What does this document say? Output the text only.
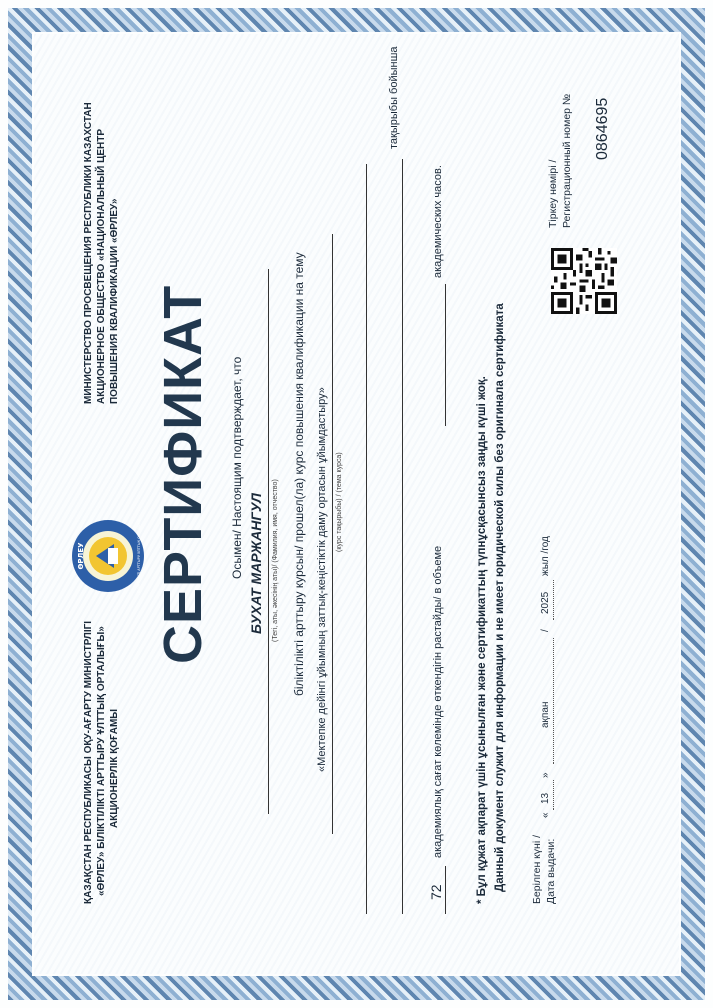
ҚАЗАҚСТАН РЕСПУБЛИКАСЫ ОҚУ-АҒАРТУ МИНИСТРЛІГІ «ӨРЛЕУ» БІЛІКТІЛІКТІ АРТТЫРУ ҰЛТТЫҚ ОРТАЛЫҒЫ» АКЦИОНЕРЛІК ҚОҒАМЫ
ӨРЛЕУ	БІЛІКТІЛІКТІ АРТТЫРУ ҰЛТТЫҚ ОРТАЛЫҒЫ
МИНИСТЕРСТВО ПРОСВЕЩЕНИЯ РЕСПУБЛИКИ КАЗАХСТАН АКЦИОНЕРНОЕ ОБЩЕСТВО «НАЦИОНАЛЬНЫЙ ЦЕНТР ПОВЫШЕНИЯ КВАЛИФИКАЦИИ «ӨРЛЕУ» СЕРТИФИКАТ Осымен/ Настоящим подтверждает, что БУХАТ МАРЖАНГУЛ (Тегі, аты, әкесінің аты)/ (Фамилия, имя, отчество) біліктілікті арттыру курсын/ прошел(ла) курс повышения квалификации на тему «Мектепке дейінгі ұйымның заттық-кеңістіктік даму ортасын ұйымдастыру» (курс тақырыбы) / (тема курса)
тақырыбы бойынша
72
академиялық сағат көлемінде өткендігін растайды/ в объеме
академических часов.
* Бұл құжат ақпарат үшін ұсынылған және сертификаттың түпнұсқасынсыз заңды күші жоқ. Данный документ служит для информации и не имеет юридической силы без оригинала сертификата Берілген күні / Дата выдачи:
«
13
»
ақпан
/
2025
жыл /год
Тіркеу нөмірі / Регистрационный номер № 0864695
